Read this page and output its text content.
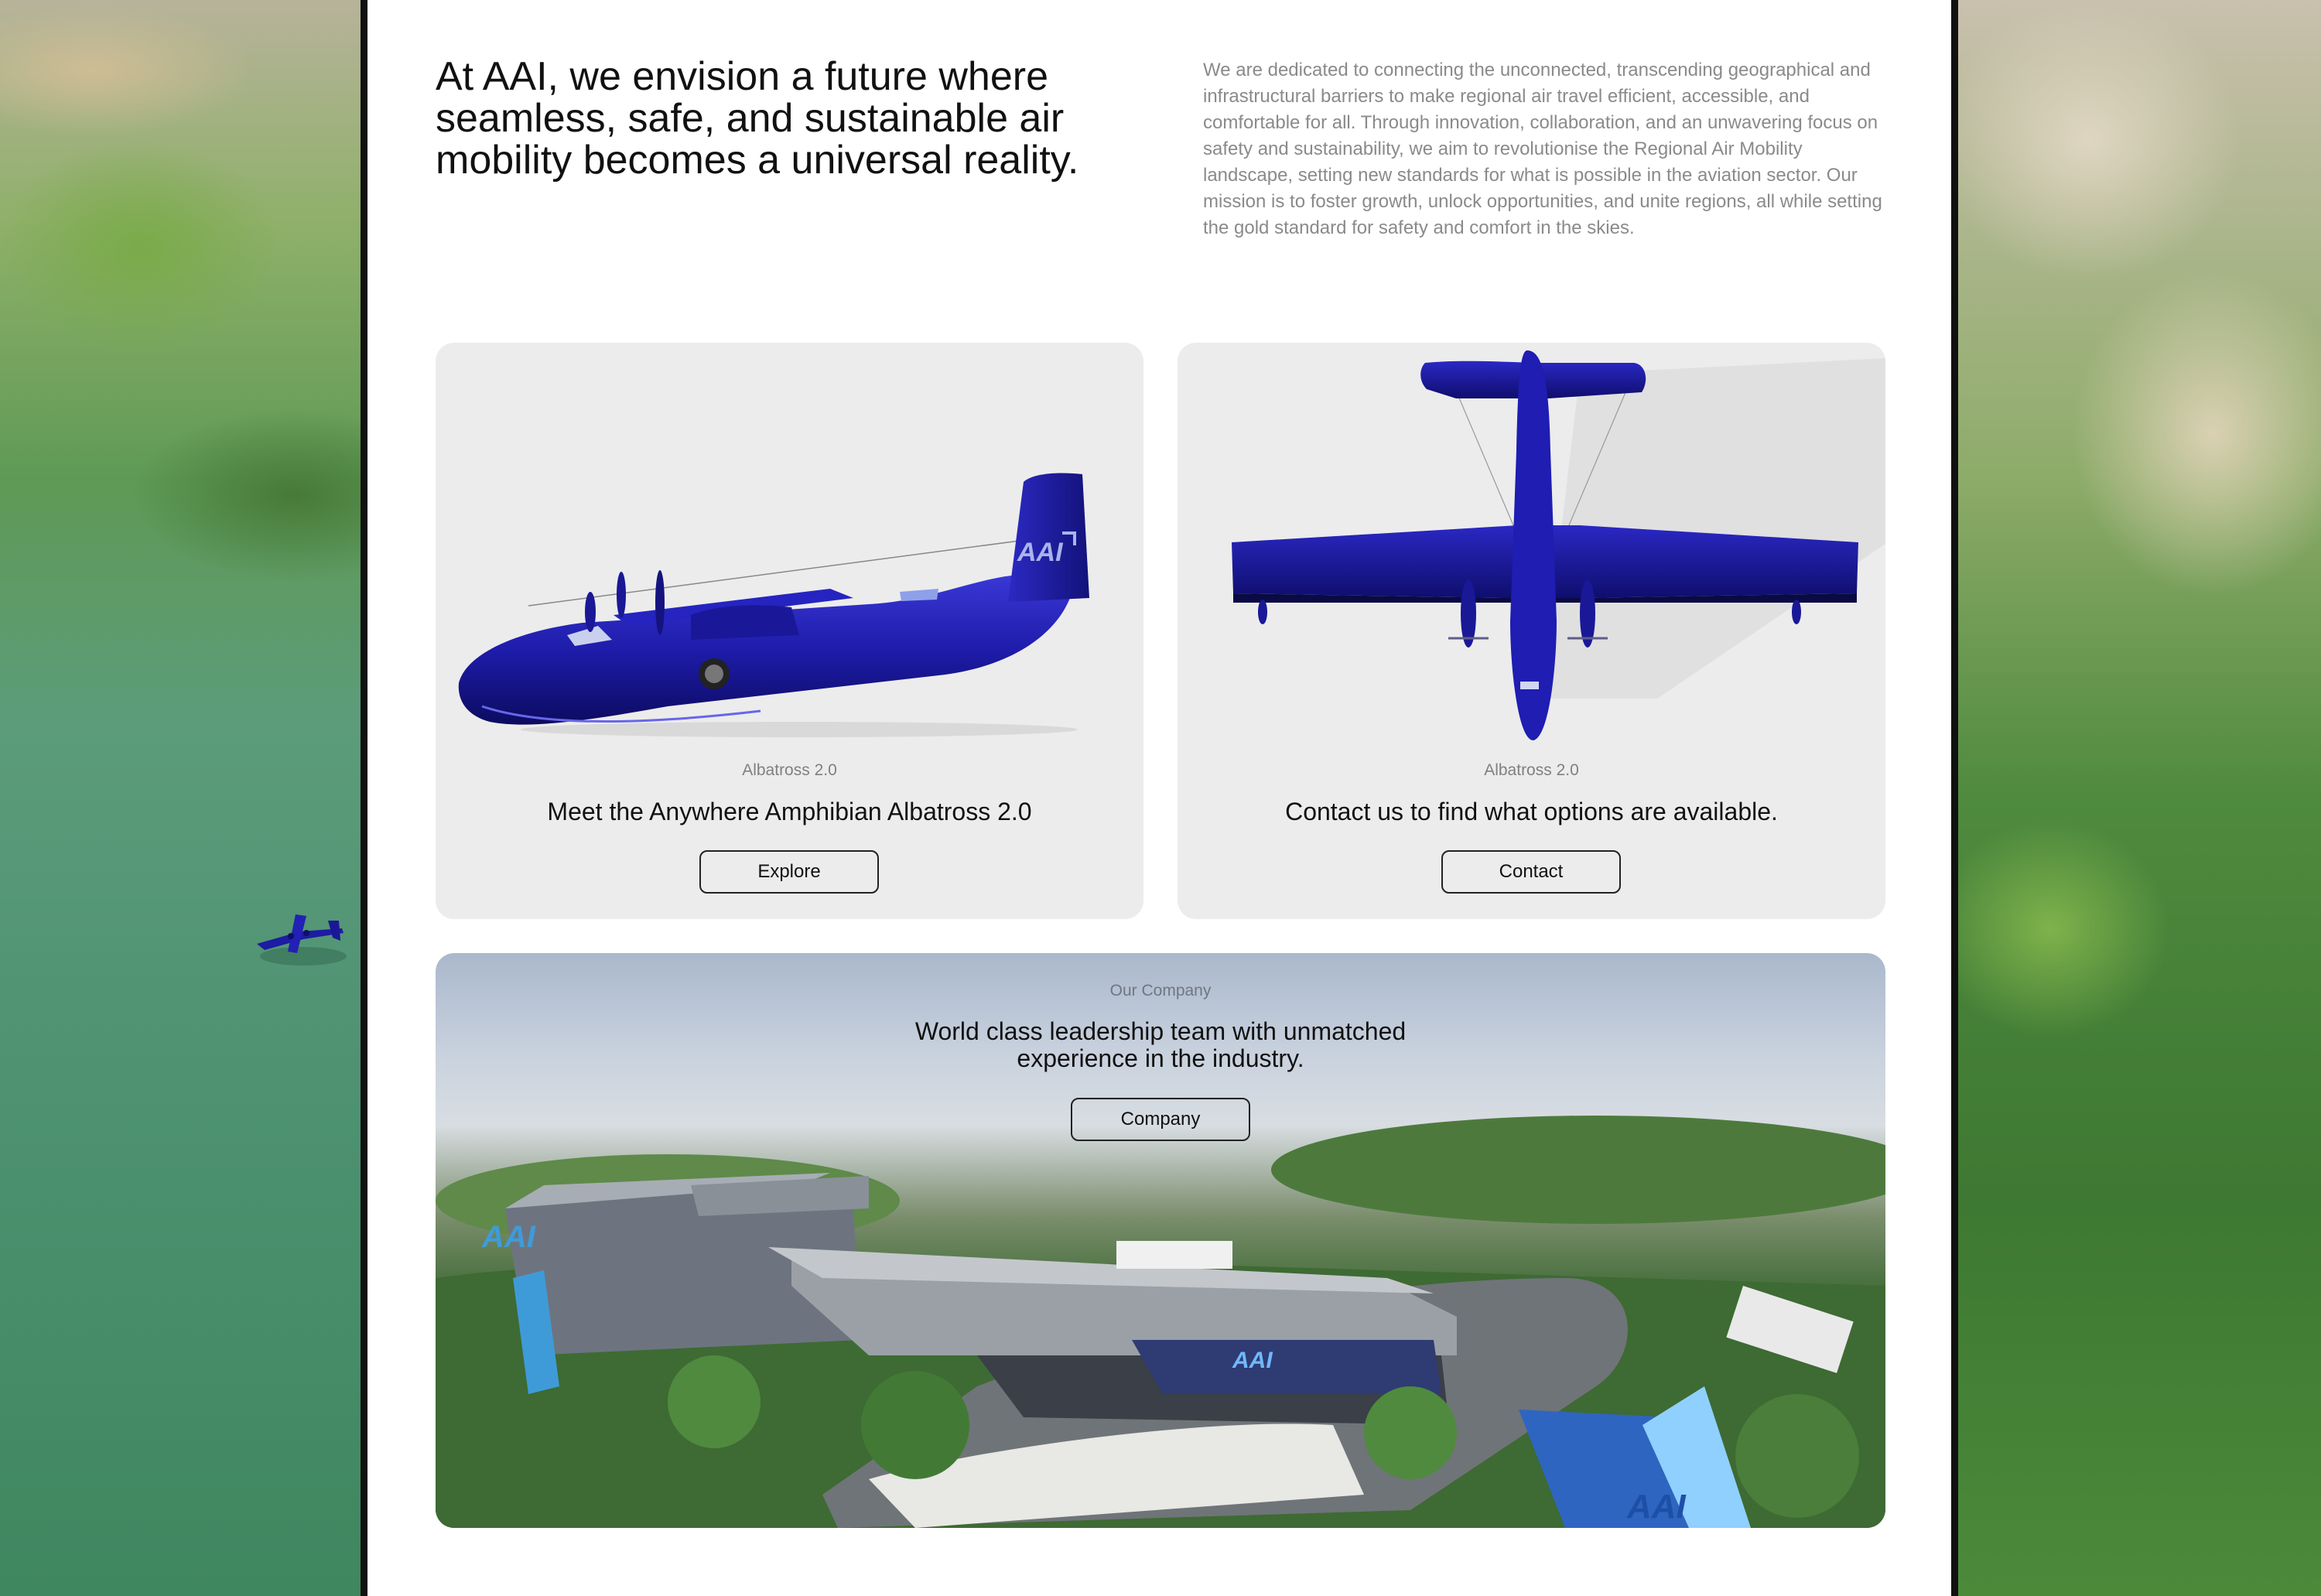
At AAI, we envision a future where seamless, safe, and sustainable air mobility becomes a universal reality.

We are dedicated to connecting the unconnected, transcending geographical and infrastructural barriers to make regional air travel efficient, accessible, and comfortable for all. Through innovation, collaboration, and an unwavering focus on safety and sustainability, we aim to revolutionise the Regional Air Mobility landscape, setting new standards for what is possible in the aviation sector. Our mission is to foster growth, unlock opportunities, and unite regions, all while setting the gold standard for safety and comfort in the skies.

AAI
Albatross 2.0
Meet the Anywhere Amphibian Albatross 2.0
Explore
Albatross 2.0
Contact us to find what options are available.
Contact
AAI
AAI
AAI
Our Company
World class leadership team with unmatched experience in the industry.
Company
